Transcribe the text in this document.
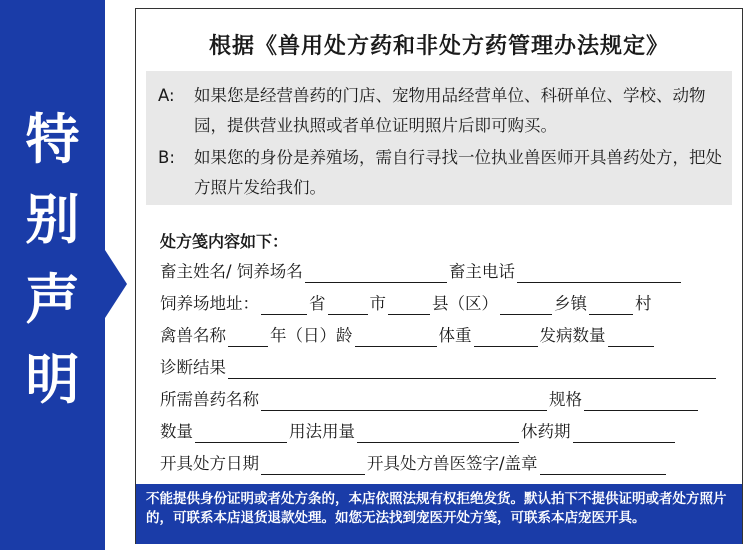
特
别
声
明
根据《兽用处方药和非处方药管理办法规定》
A:	如果您是经营兽药的门店、宠物用品经营单位、科研单位、学校、动物园，提供营业执照或者单位证明照片后即可购买。
B:	如果您的身份是养殖场，需自行寻找一位执业兽医师开具兽药处方，把处方照片发给我们。
处方笺内容如下：
畜主姓名/ 饲养场名	畜主电话
饲养场地址：	省	市	县（区）	乡镇	村
禽兽名称	年（日）龄	体重	发病数量
诊断结果
所需兽药名称	规格
数量	用法用量	休药期
开具处方日期	开具处方兽医签字/盖章
不能提供身份证明或者处方条的，本店依照法规有权拒绝发货。默认拍下不提供证明或者处方照片的，可联系本店退货退款处理。如您无法找到宠医开处方笺，可联系本店宠医开具。
